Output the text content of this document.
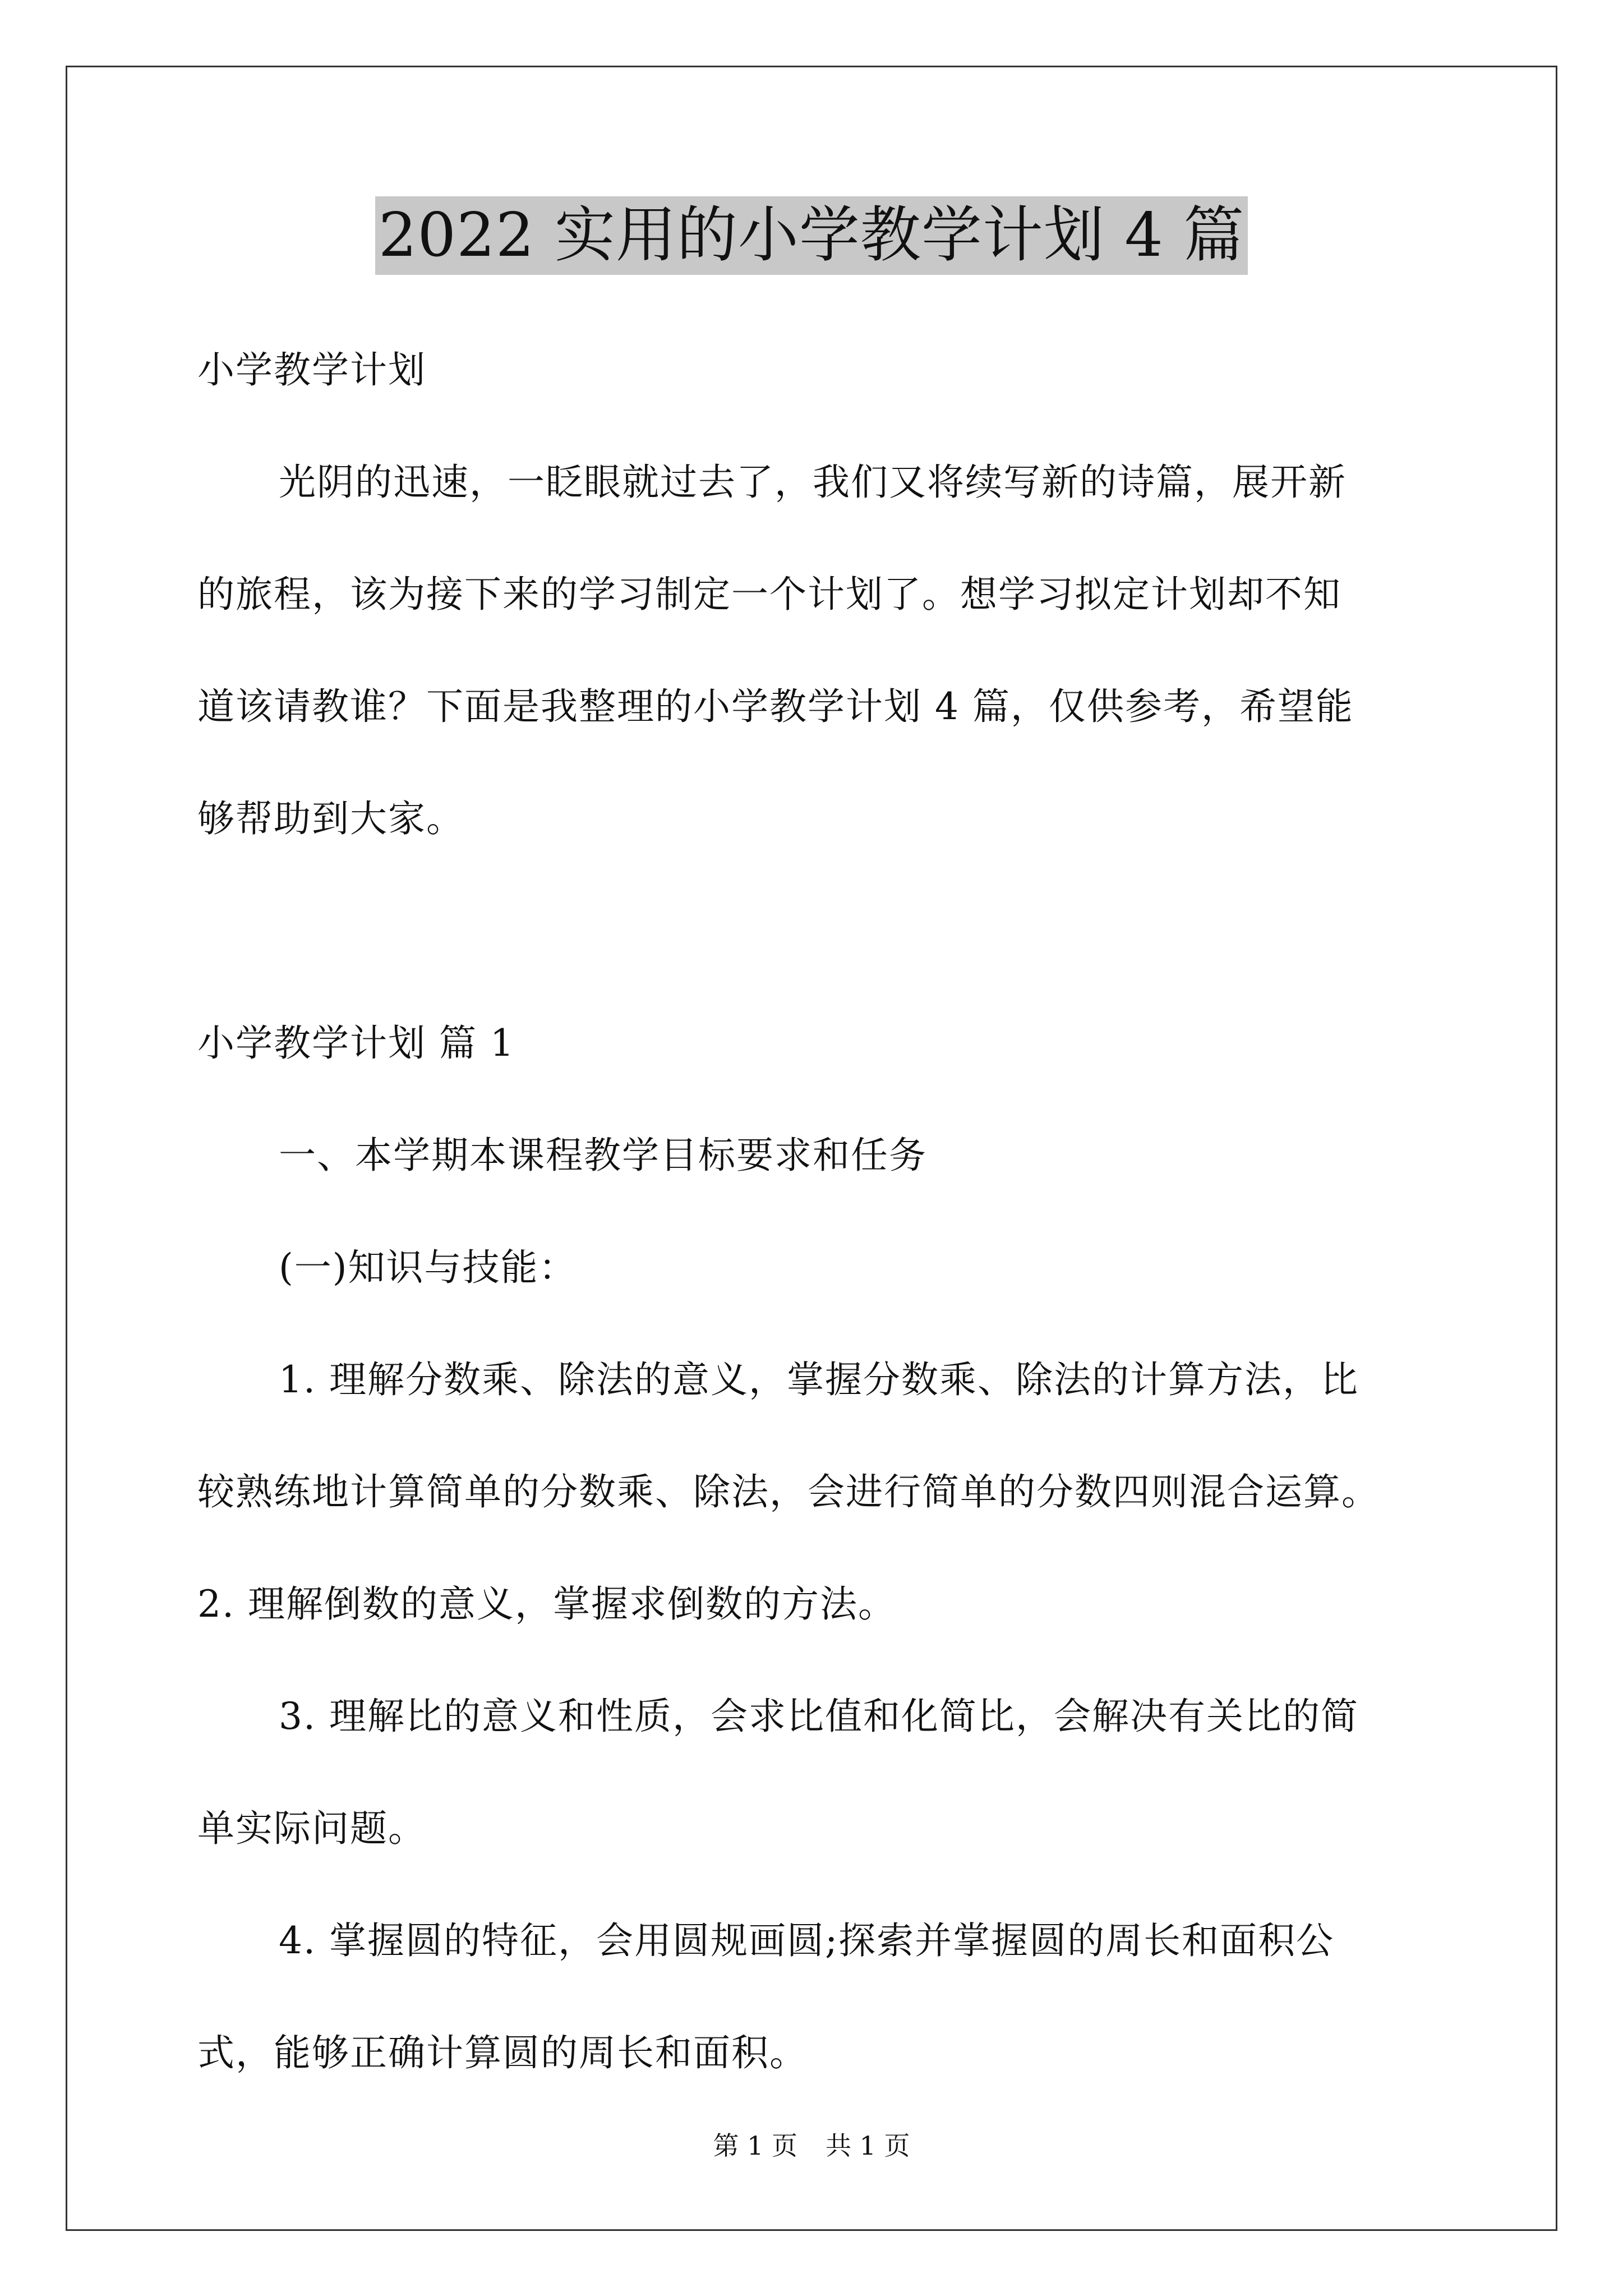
2022 实用的小学教学计划 4 篇
小学教学计划
光阴的迅速，一眨眼就过去了，我们又将续写新的诗篇，展开新
的旅程，该为接下来的学习制定一个计划了。想学习拟定计划却不知
道该请教谁？下面是我整理的小学教学计划 4 篇，仅供参考，希望能
够帮助到大家。
小学教学计划 篇 1
一、本学期本课程教学目标要求和任务
(一)知识与技能：
1. 理解分数乘、除法的意义，掌握分数乘、除法的计算方法，比
较熟练地计算简单的分数乘、除法，会进行简单的分数四则混合运算。
2. 理解倒数的意义，掌握求倒数的方法。
3. 理解比的意义和性质，会求比值和化简比，会解决有关比的简
单实际问题。
4. 掌握圆的特征，会用圆规画圆;探索并掌握圆的周长和面积公
式，能够正确计算圆的周长和面积。
第 1 页 共 1 页
